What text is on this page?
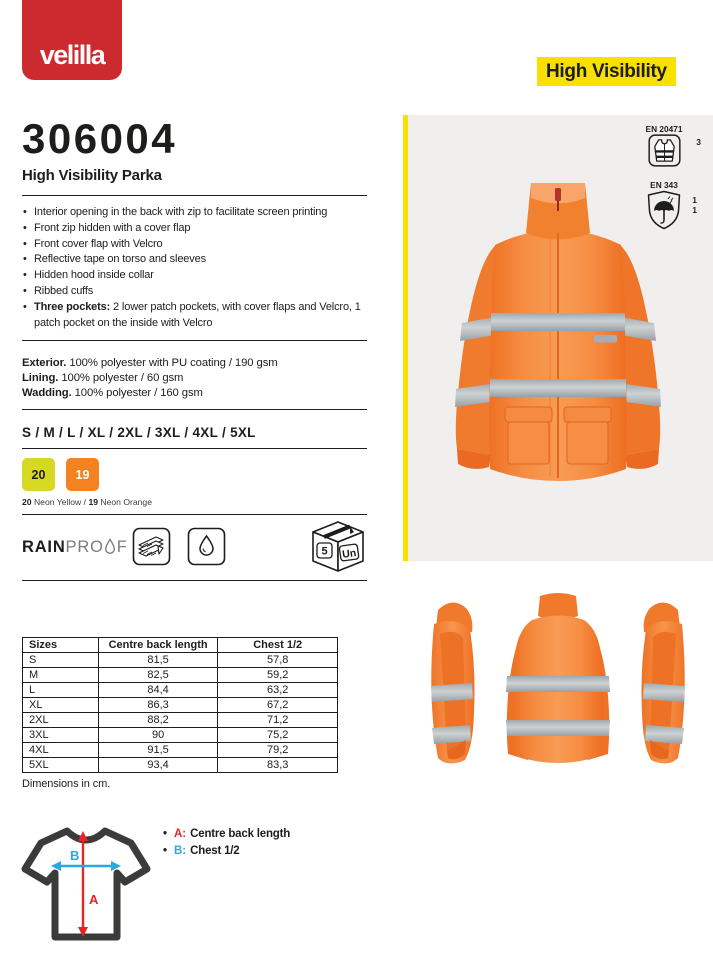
velilla
High Visibility
306004
High Visibility Parka
• Interior opening in the back with zip to facilitate screen printing
• Front zip hidden with a cover flap
• Front cover flap with Velcro
• Reflective tape on torso and sleeves
• Hidden hood inside collar
• Ribbed cuffs
• Three pockets: 2 lower patch pockets, with cover flaps and Velcro, 1 patch pocket on the inside with Velcro
Exterior. 100% polyester with PU coating / 190 gsm
Lining. 100% polyester / 60 gsm
Wadding. 100% polyester / 160 gsm
S / M / L / XL / 2XL / 3XL / 4XL / 5XL
20 19
20 Neon Yellow / 19 Neon Orange
RAIN PRO F	5 Un
EN 20471
3
EN 343
1
1
Sizes	Centre back length	Chest 1/2
S	81,5	57,8
M	82,5	59,2
L	84,4	63,2
XL	86,3	67,2
2XL	88,2	71,2
3XL	90	75,2
4XL	91,5	79,2
5XL	93,4	83,3
Dimensions in cm.
B
A
• A: Centre back length
• B: Chest 1/2
